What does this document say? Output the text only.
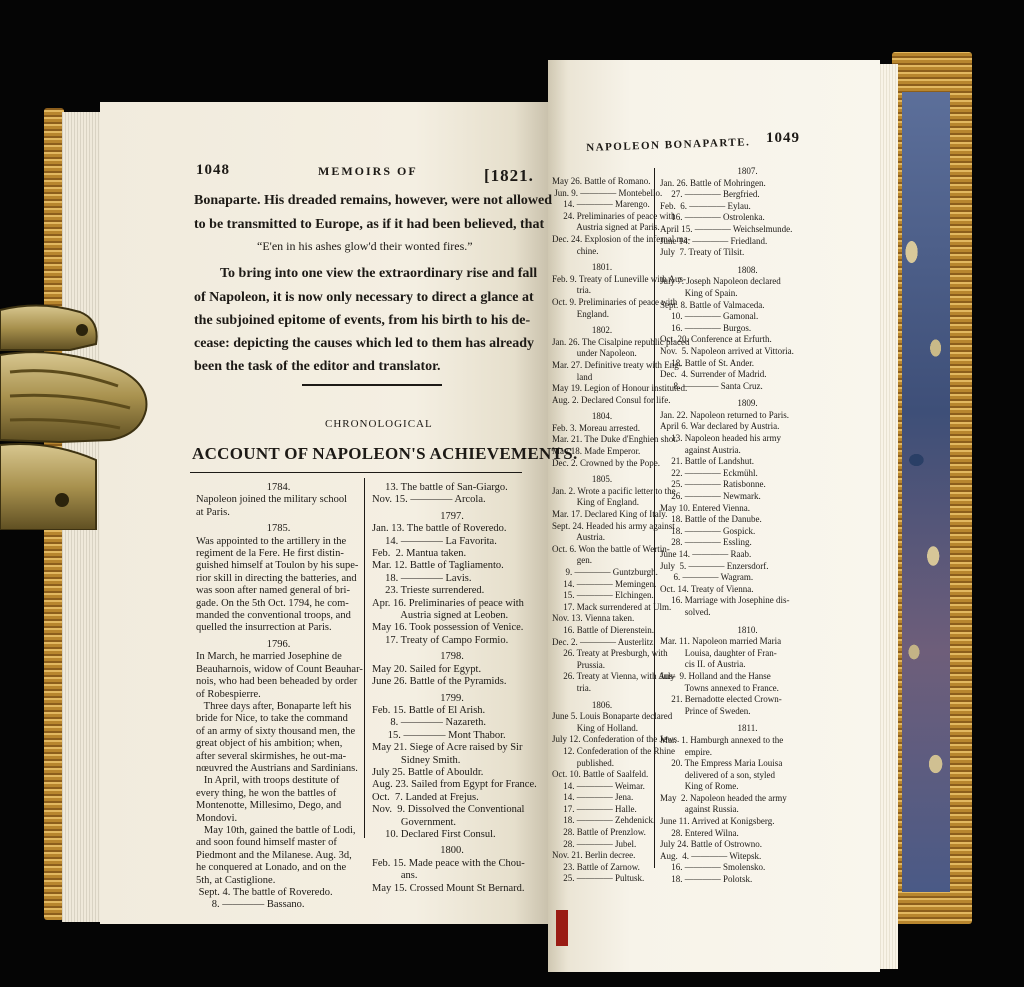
1048	MEMOIRS OF	[1821.
Bonaparte. His dreaded remains, however, were not allowed
to be transmitted to Europe, as if it had been believed, that
“E'en in his ashes glow'd their wonted fires.”
To bring into one view the extraordinary rise and fall
of Napoleon, it is now only necessary to direct a glance at
the subjoined epitome of events, from his birth to his de-
cease: depicting the causes which led to them has already
been the task of the editor and translator.
CHRONOLOGICAL
ACCOUNT OF NAPOLEON'S ACHIEVEMENTS.
1784.
Napoleon joined the military school
at Paris.
1785.
Was appointed to the artillery in the
regiment de la Fere. He first distin-
guished himself at Toulon by his supe-
rior skill in directing the batteries, and
was soon after named general of bri-
gade. On the 5th Oct. 1794, he com-
manded the conventional troops, and
quelled the insurrection at Paris.
1796.
In March, he married Josephine de
Beauharnois, widow of Count Beauhar-
nois, who had been beheaded by order
of Robespierre.
Three days after, Bonaparte left his
bride for Nice, to take the command
of an army of sixty thousand men, the
great object of his ambition; when,
after several skirmishes, he out-ma-
nœuvred the Austrians and Sardinians.
In April, with troops destitute of
every thing, he won the battles of
Montenotte, Millesimo, Dego, and
Mondovi.
May 10th, gained the battle of Lodi,
and soon found himself master of
Piedmont and the Milanese. Aug. 3d,
he conquered at Lonado, and on the
5th, at Castiglione.
Sept. 4. The battle of Roveredo.
8. ———— Bassano.
13. The battle of San-Giargo.
Nov. 15. ———— Arcola.
1797.
Jan. 13. The battle of Roveredo.
14. ———— La Favorita.
Feb.  2. Mantua taken.
Mar. 12. Battle of Tagliamento.
18. ———— Lavis.
23. Trieste surrendered.
Apr. 16. Preliminaries of peace with
Austria signed at Leoben.
May 16. Took possession of Venice.
17. Treaty of Campo Formio.
1798.
May 20. Sailed for Egypt.
June 26. Battle of the Pyramids.
1799.
Feb. 15. Battle of El Arish.
8. ———— Nazareth.
15. ———— Mont Thabor.
May 21. Siege of Acre raised by Sir
Sidney Smith.
July 25. Battle of Abouldr.
Aug. 23. Sailed from Egypt for France.
Oct.  7. Landed at Frejus.
Nov.  9. Dissolved the Conventional
Government.
10. Declared First Consul.
1800.
Feb. 15. Made peace with the Chou-
ans.
May 15. Crossed Mount St Bernard.
NAPOLEON BONAPARTE. 1049
May 26. Battle of Romano.
Jun. 9. ———— Montebello.
14. ———— Marengo.
24. Preliminaries of peace with
Austria signed at Paris.
Dec. 24. Explosion of the infernal ma-
chine.
1801.
Feb. 9. Treaty of Luneville with Aus-
tria.
Oct. 9. Preliminaries of peace with
England.
1802.
Jan. 26. The Cisalpine republic placed
under Napoleon.
Mar. 27. Definitive treaty with Eng-
land
May 19. Legion of Honour instituted.
Aug. 2. Declared Consul for life.
1804.
Feb. 3. Moreau arrested.
Mar. 21. The Duke d'Enghien shot.
May 18. Made Emperor.
Dec. 2. Crowned by the Pope.
1805.
Jan. 2. Wrote a pacific letter to the
King of England.
Mar. 17. Declared King of Italy.
Sept. 24. Headed his army against
Austria.
Oct. 6. Won the battle of Wertin-
gen.
9. ———— Guntzburgh.
14. ———— Memingen.
15. ———— Elchingen.
17. Mack surrendered at Ulm.
Nov. 13. Vienna taken.
16. Battle of Dierenstein.
Dec. 2. ———— Austerlitz.
26. Treaty at Presburgh, with
Prussia.
26. Treaty at Vienna, with Aus-
tria.
1806.
June 5. Louis Bonaparte declared
King of Holland.
July 12. Confederation of the Jews.
12. Confederation of the Rhine
published.
Oct. 10. Battle of Saalfeld.
14. ———— Weimar.
14. ———— Jena.
17. ———— Halle.
18. ———— Zehdenick.
28. Battle of Prenzlow.
28. ———— Jubel.
Nov. 21. Berlin decree.
23. Battle of Zarnow.
25. ———— Pultusk.
1807.
Jan. 26. Battle of Mohringen.
27. ———— Bergfried.
Feb.  6. ———— Eylau.
16. ———— Ostrolenka.
April 15. ———— Weichselmunde.
June 14. ———— Friedland.
July  7. Treaty of Tilsit.
1808.
July 7. Joseph Napoleon declared
King of Spain.
Sept. 8. Battle of Valmaceda.
10. ———— Gamonal.
16. ———— Burgos.
Oct. 20. Conference at Erfurth.
Nov.  5. Napoleon arrived at Vittoria.
18. Battle of St. Ander.
Dec.  4. Surrender of Madrid.
8. ———— Santa Cruz.
1809.
Jan. 22. Napoleon returned to Paris.
April 6. War declared by Austria.
13. Napoleon headed his army
against Austria.
21. Battle of Landshut.
22. ———— Eckmühl.
25. ———— Ratisbonne.
26. ———— Newmark.
May 10. Entered Vienna.
18. Battle of the Danube.
18. ———— Gospick.
28. ———— Essling.
June 14. ———— Raab.
July  5. ———— Enzersdorf.
6. ———— Wagram.
Oct. 14. Treaty of Vienna.
16. Marriage with Josephine dis-
solved.
1810.
Mar. 11. Napoleon married Maria
Louisa, daughter of Fran-
cis II. of Austria.
July  9. Holland and the Hanse
Towns annexed to France.
21. Bernadotte elected Crown-
Prince of Sweden.
1811.
Mar.  1. Hamburgh annexed to the
empire.
20. The Empress Maria Louisa
delivered of a son, styled
King of Rome.
May  2. Napoleon headed the army
against Russia.
June 11. Arrived at Konigsberg.
28. Entered Wilna.
July 24. Battle of Ostrowno.
Aug.  4. ———— Witepsk.
16. ———— Smolensko.
18. ———— Polotsk.
